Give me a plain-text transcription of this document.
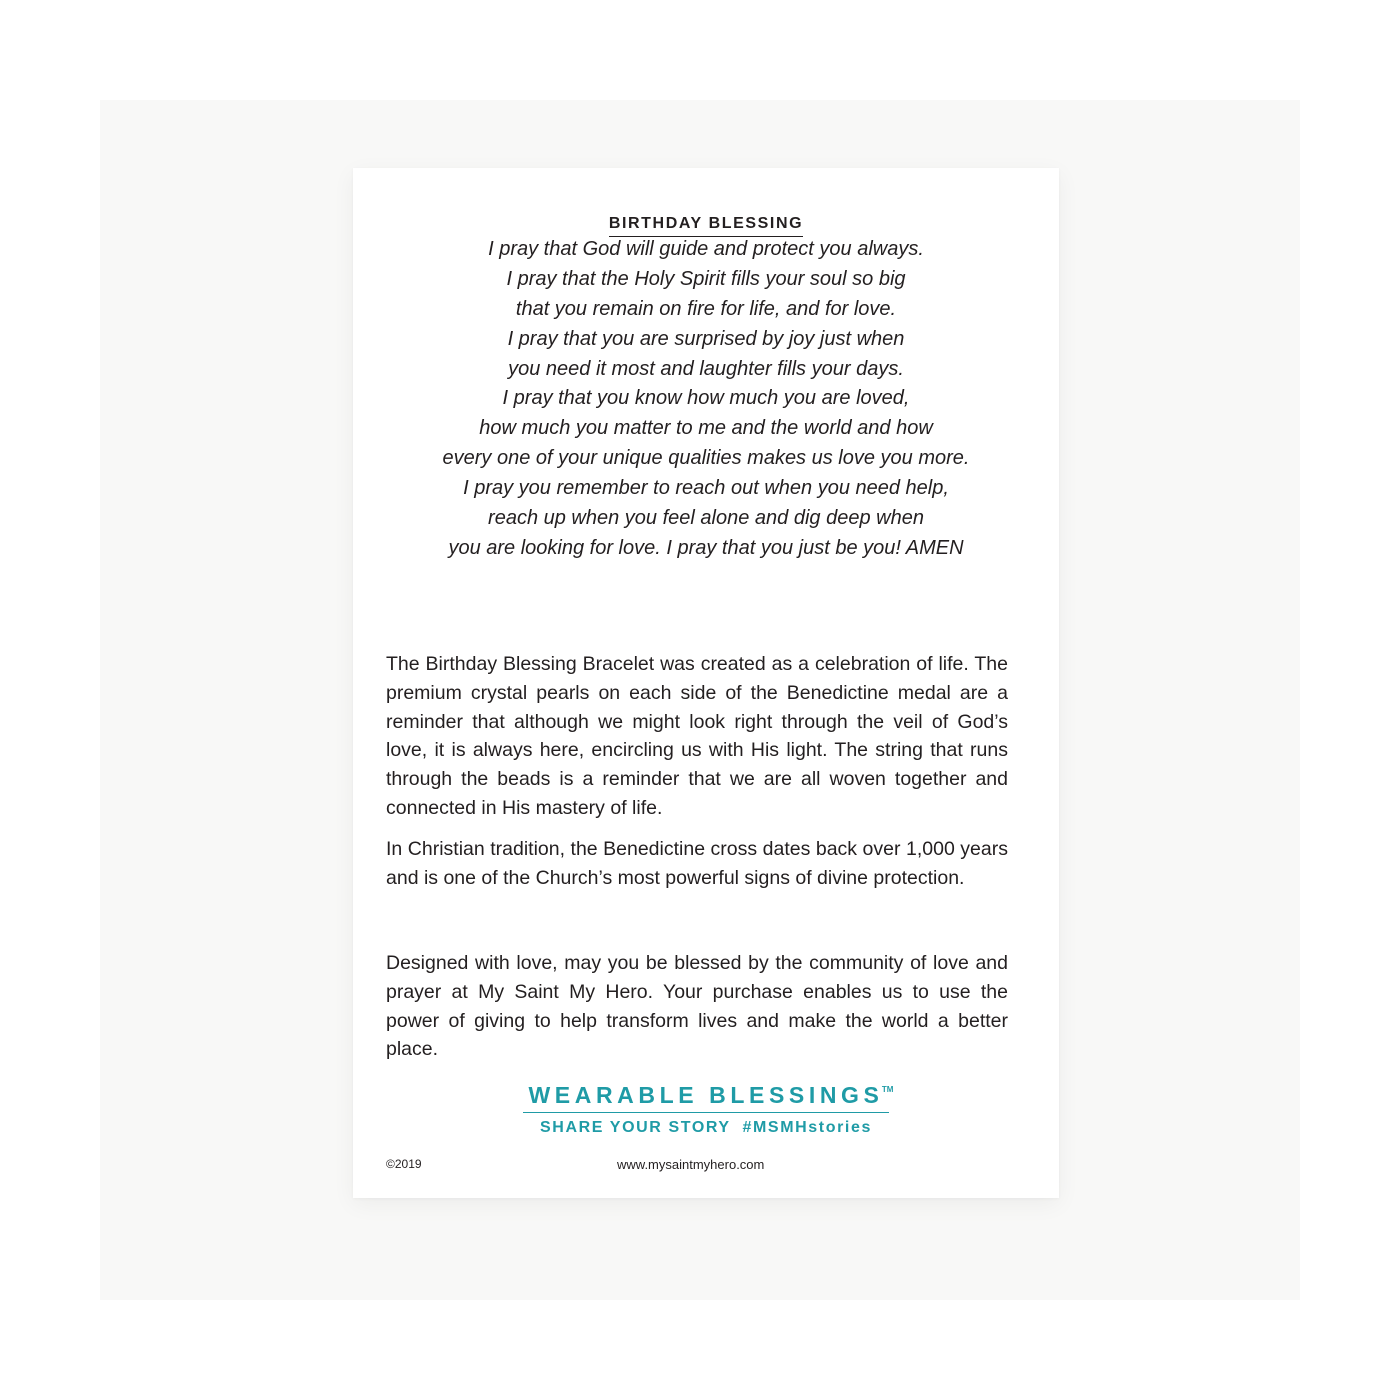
BIRTHDAY BLESSING
I pray that God will guide and protect you always.
I pray that the Holy Spirit fills your soul so big
that you remain on fire for life, and for love.
I pray that you are surprised by joy just when
you need it most and laughter fills your days.
I pray that you know how much you are loved,
how much you matter to me and the world and how
every one of your unique qualities makes us love you more.
I pray you remember to reach out when you need help,
reach up when you feel alone and dig deep when
you are looking for love. I pray that you just be you! AMEN

The Birthday Blessing Bracelet was created as a celebration of life. The premium crystal pearls on each side of the Benedictine medal are a reminder that although we might look right through the veil of God’s love, it is always here, encircling us with His light. The string that runs through the beads is a reminder that we are all woven together and connected in His mastery of life.

In Christian tradition, the Benedictine cross dates back over 1,000 years and is one of the Church’s most powerful signs of divine protection.

Designed with love, may you be blessed by the community of love and prayer at My Saint My Hero. Your purchase enables us to use the power of giving to help transform lives and make the world a better place.

WEARABLE BLESSINGS
TM
SHARE YOUR STORY  #MSMHstories
©2019	www.mysaintmyhero.com
